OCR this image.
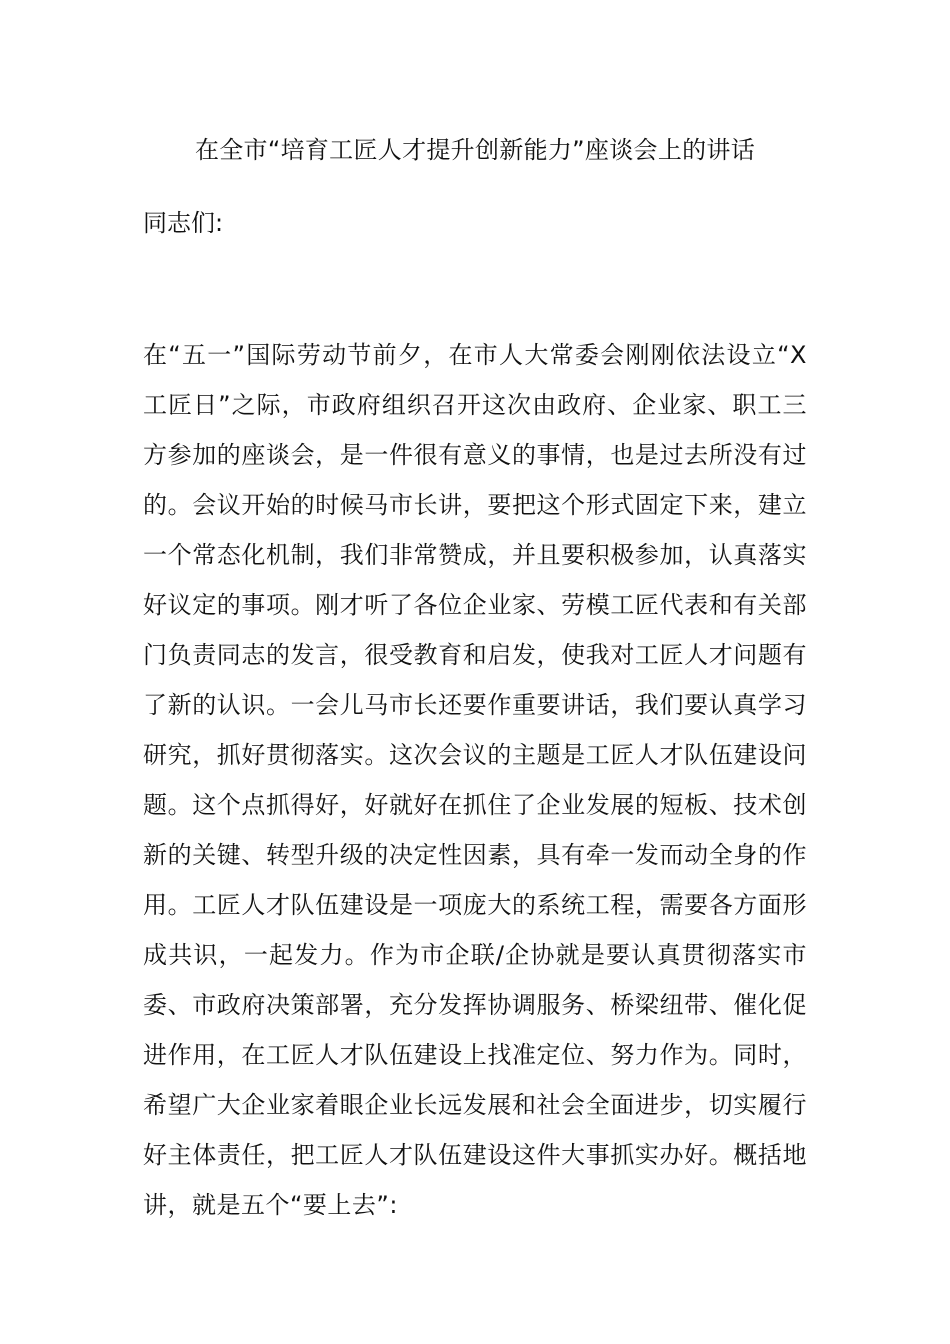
在全市“培育工匠人才提升创新能力”座谈会上的讲话

同志们:

在“五一”国际劳动节前夕，在市人大常委会刚刚依法设立“X工匠日”之际，市政府组织召开这次由政府、企业家、职工三方参加的座谈会，是一件很有意义的事情，也是过去所没有过的。会议开始的时候马市长讲，要把这个形式固定下来，建立一个常态化机制，我们非常赞成，并且要积极参加，认真落实好议定的事项。刚才听了各位企业家、劳模工匠代表和有关部门负责同志的发言，很受教育和启发，使我对工匠人才问题有了新的认识。一会儿马市长还要作重要讲话，我们要认真学习研究，抓好贯彻落实。这次会议的主题是工匠人才队伍建设问题。这个点抓得好，好就好在抓住了企业发展的短板、技术创新的关键、转型升级的决定性因素，具有牵一发而动全身的作用。工匠人才队伍建设是一项庞大的系统工程，需要各方面形成共识，一起发力。作为市企联/企协就是要认真贯彻落实市委、市政府决策部署，充分发挥协调服务、桥梁纽带、催化促进作用，在工匠人才队伍建设上找准定位、努力作为。同时，希望广大企业家着眼企业长远发展和社会全面进步，切实履行好主体责任，把工匠人才队伍建设这件大事抓实办好。概括地讲，就是五个“要上去”:
